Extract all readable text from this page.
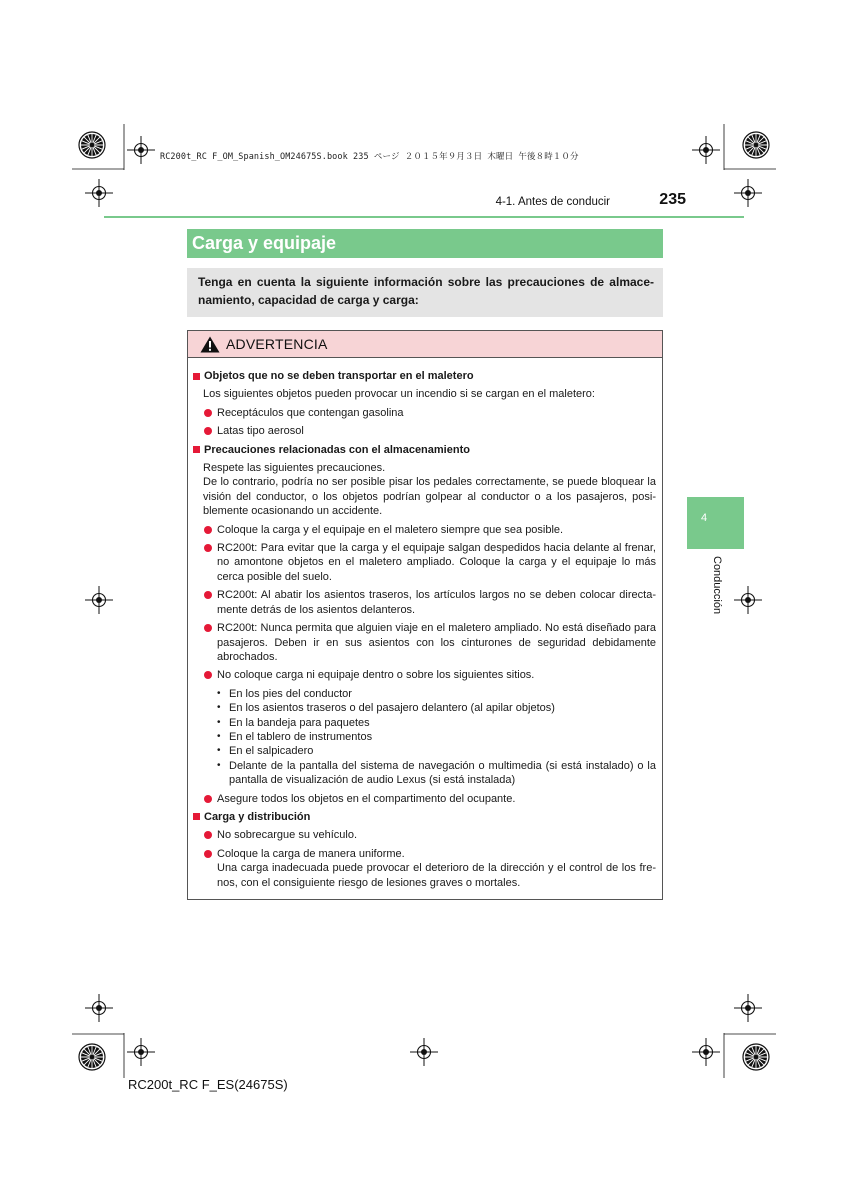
RC200t_RC F_OM_Spanish_OM24675S.book 235 ページ ２０１５年９月３日 木曜日 午後８時１０分
4-1. Antes de conducir	235
Carga y equipaje
Tenga en cuenta la siguiente información sobre las precauciones de almace-namiento, capacidad de carga y carga:
ADVERTENCIA
Objetos que no se deben transportar en el maletero
Los siguientes objetos pueden provocar un incendio si se cargan en el maletero:
Receptáculos que contengan gasolina
Latas tipo aerosol
Precauciones relacionadas con el almacenamiento
Respete las siguientes precauciones.
De lo contrario, podría no ser posible pisar los pedales correctamente, se puede bloquear la visión del conductor, o los objetos podrían golpear al conductor o a los pasajeros, posi-blemente ocasionando un accidente.
Coloque la carga y el equipaje en el maletero siempre que sea posible.
RC200t: Para evitar que la carga y el equipaje salgan despedidos hacia delante al frenar, no amontone objetos en el maletero ampliado. Coloque la carga y el equipaje lo más cerca posible del suelo.
RC200t: Al abatir los asientos traseros, los artículos largos no se deben colocar directa-mente detrás de los asientos delanteros.
RC200t: Nunca permita que alguien viaje en el maletero ampliado. No está diseñado para pasajeros. Deben ir en sus asientos con los cinturones de seguridad debidamente abrochados.
No coloque carga ni equipaje dentro o sobre los siguientes sitios.
• En los pies del conductor
• En los asientos traseros o del pasajero delantero (al apilar objetos)
• En la bandeja para paquetes
• En el tablero de instrumentos
• En el salpicadero
• Delante de la pantalla del sistema de navegación o multimedia (si está instalado) o la pantalla de visualización de audio Lexus (si está instalada)
Asegure todos los objetos en el compartimento del ocupante.
Carga y distribución
No sobrecargue su vehículo.
Coloque la carga de manera uniforme.
Una carga inadecuada puede provocar el deterioro de la dirección y el control de los fre-nos, con el consiguiente riesgo de lesiones graves o mortales.
4
Conducción
RC200t_RC F_ES(24675S)
